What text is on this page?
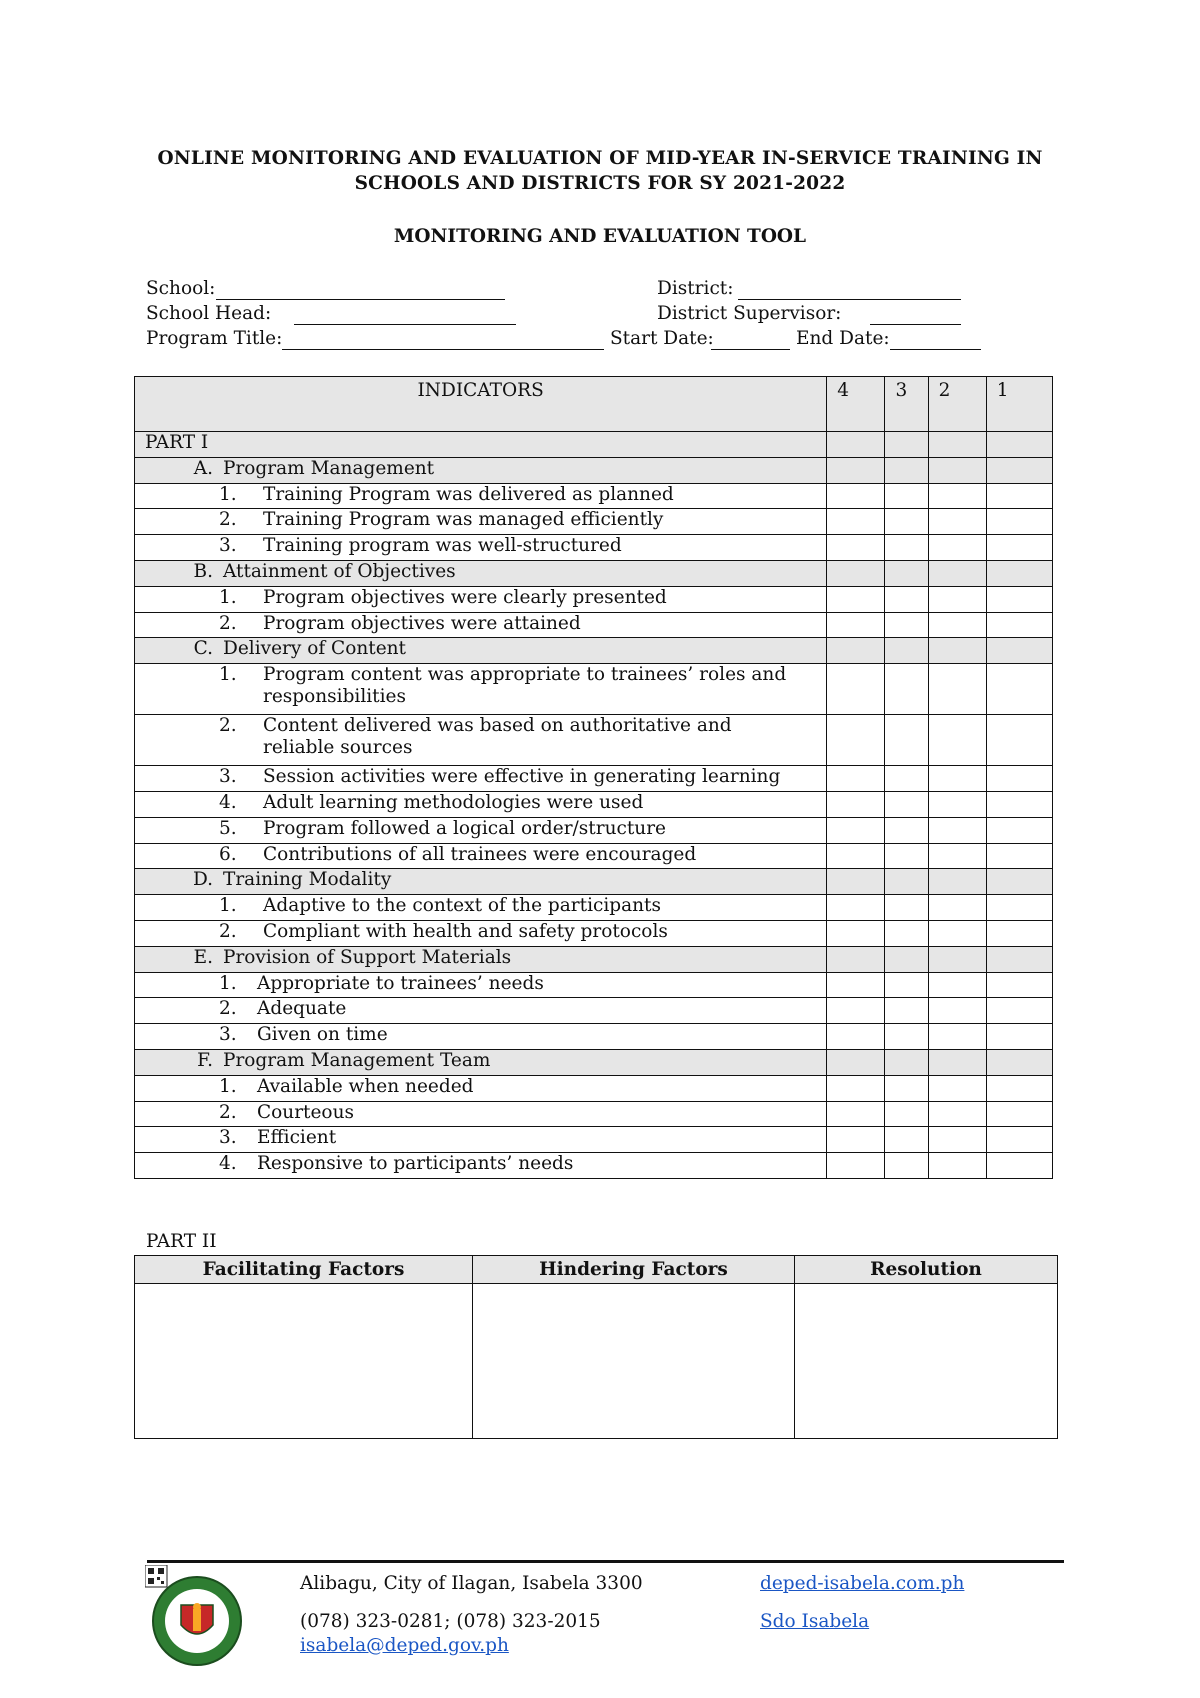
ONLINE MONITORING AND EVALUATION OF MID-YEAR IN-SERVICE TRAINING IN
SCHOOLS AND DISTRICTS FOR SY 2021-2022
MONITORING AND EVALUATION TOOL
School:	District:
School Head:	District Supervisor:
Program Title:	Start Date:	End Date:
INDICATORS	4	3	2	1
PART I				
A. Program Management				

1. Training Program was delivered as planned				

2. Training Program was managed efficiently				

3. Training program was well-structured				

B. Attainment of Objectives				

1. Program objectives were clearly presented				

2. Program objectives were attained				

C. Delivery of Content				

1. Program content was appropriate to trainees’ roles and responsibilities				

2. Content delivered was based on authoritative and reliable sources				

3. Session activities were effective in generating learning				

4. Adult learning methodologies were used				

5. Program followed a logical order/structure				

6. Contributions of all trainees were encouraged				

D. Training Modality				

1. Adaptive to the context of the participants				

2. Compliant with health and safety protocols				

E. Provision of Support Materials				

1. Appropriate to trainees’ needs				

2. Adequate				

3. Given on time				

F. Program Management Team				

1. Available when needed				

2. Courteous				

3. Efficient				

4. Responsive to participants’ needs				

PART II
Facilitating Factors	Hindering Factors	Resolution

Alibagu, City of Ilagan, Isabela 3300
(078) 323-0281; (078) 323-2015
isabela@deped.gov.ph
deped-isabela.com.ph
Sdo Isabela
